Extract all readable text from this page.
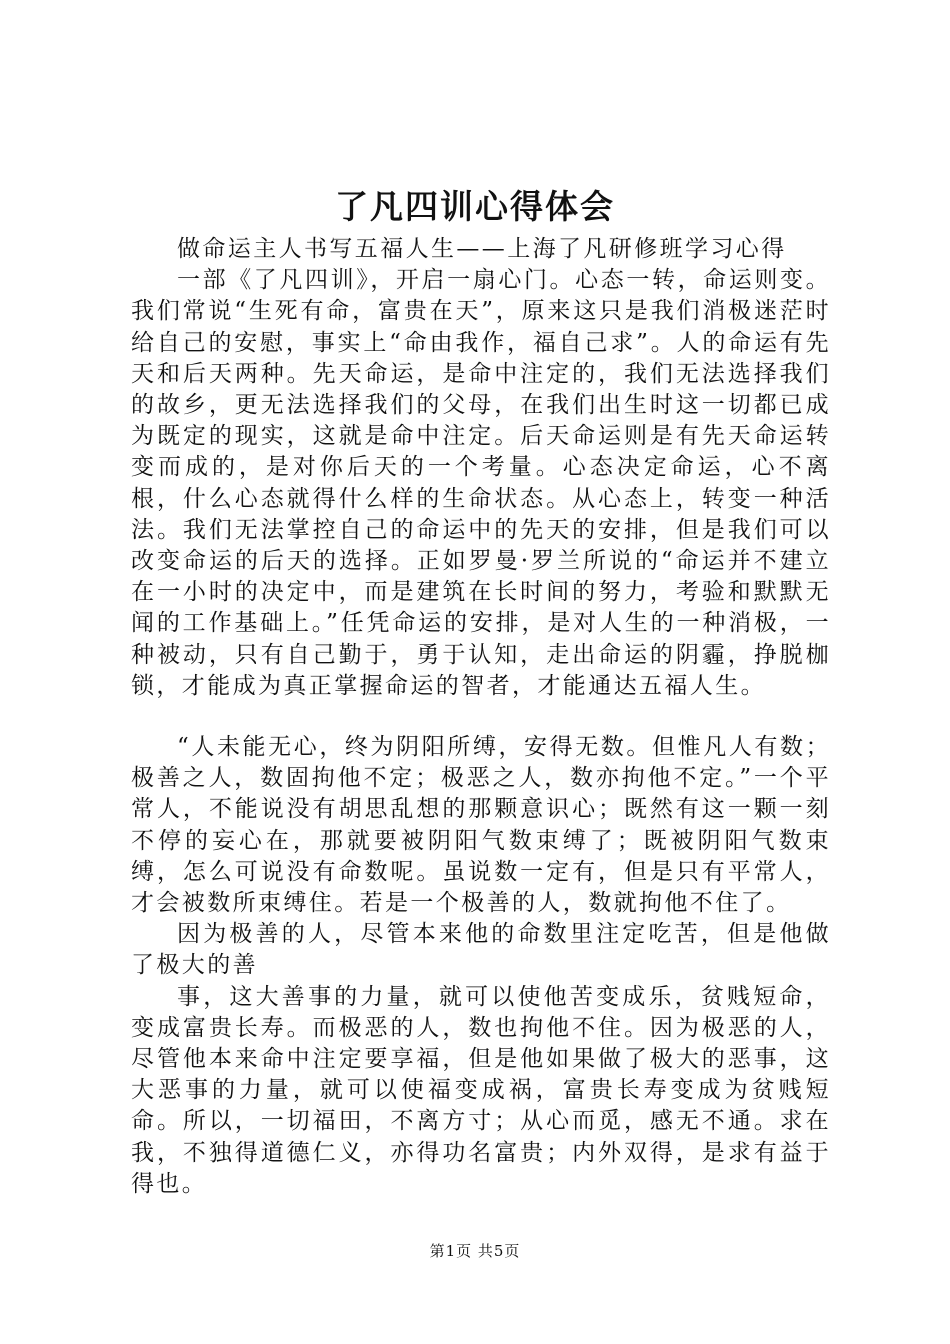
了凡四训心得体会

做命运主人书写五福人生——上海了凡研修班学习心得

一部《了凡四训》，开启一扇心门。心态一转，命运则变。我们常说“生死有命，富贵在天”，原来这只是我们消极迷茫时给自己的安慰，事实上“命由我作，福自己求”。人的命运有先天和后天两种。先天命运，是命中注定的，我们无法选择我们的故乡，更无法选择我们的父母，在我们出生时这一切都已成为既定的现实，这就是命中注定。后天命运则是有先天命运转变而成的，是对你后天的一个考量。心态决定命运，心不离根，什么心态就得什么样的生命状态。从心态上，转变一种活法。我们无法掌控自己的命运中的先天的安排，但是我们可以改变命运的后天的选择。正如罗曼·罗兰所说的“命运并不建立在一小时的决定中，而是建筑在长时间的努力，考验和默默无闻的工作基础上。”任凭命运的安排，是对人生的一种消极，一种被动，只有自己勤于，勇于认知，走出命运的阴霾，挣脱枷锁，才能成为真正掌握命运的智者，才能通达五福人生。

“人未能无心，终为阴阳所缚，安得无数。但惟凡人有数；极善之人，数固拘他不定；极恶之人，数亦拘他不定。”一个平常人，不能说没有胡思乱想的那颗意识心；既然有这一颗一刻不停的妄心在，那就要被阴阳气数束缚了；既被阴阳气数束缚，怎么可说没有命数呢。虽说数一定有，但是只有平常人，才会被数所束缚住。若是一个极善的人，数就拘他不住了。

因为极善的人，尽管本来他的命数里注定吃苦，但是他做了极大的善

事，这大善事的力量，就可以使他苦变成乐，贫贱短命，变成富贵长寿。而极恶的人，数也拘他不住。因为极恶的人，尽管他本来命中注定要享福，但是他如果做了极大的恶事，这大恶事的力量，就可以使福变成祸，富贵长寿变成为贫贱短命。所以，一切福田，不离方寸；从心而觅，感无不通。求在我，不独得道德仁义，亦得功名富贵；内外双得，是求有益于得也。

第1页 共5页
